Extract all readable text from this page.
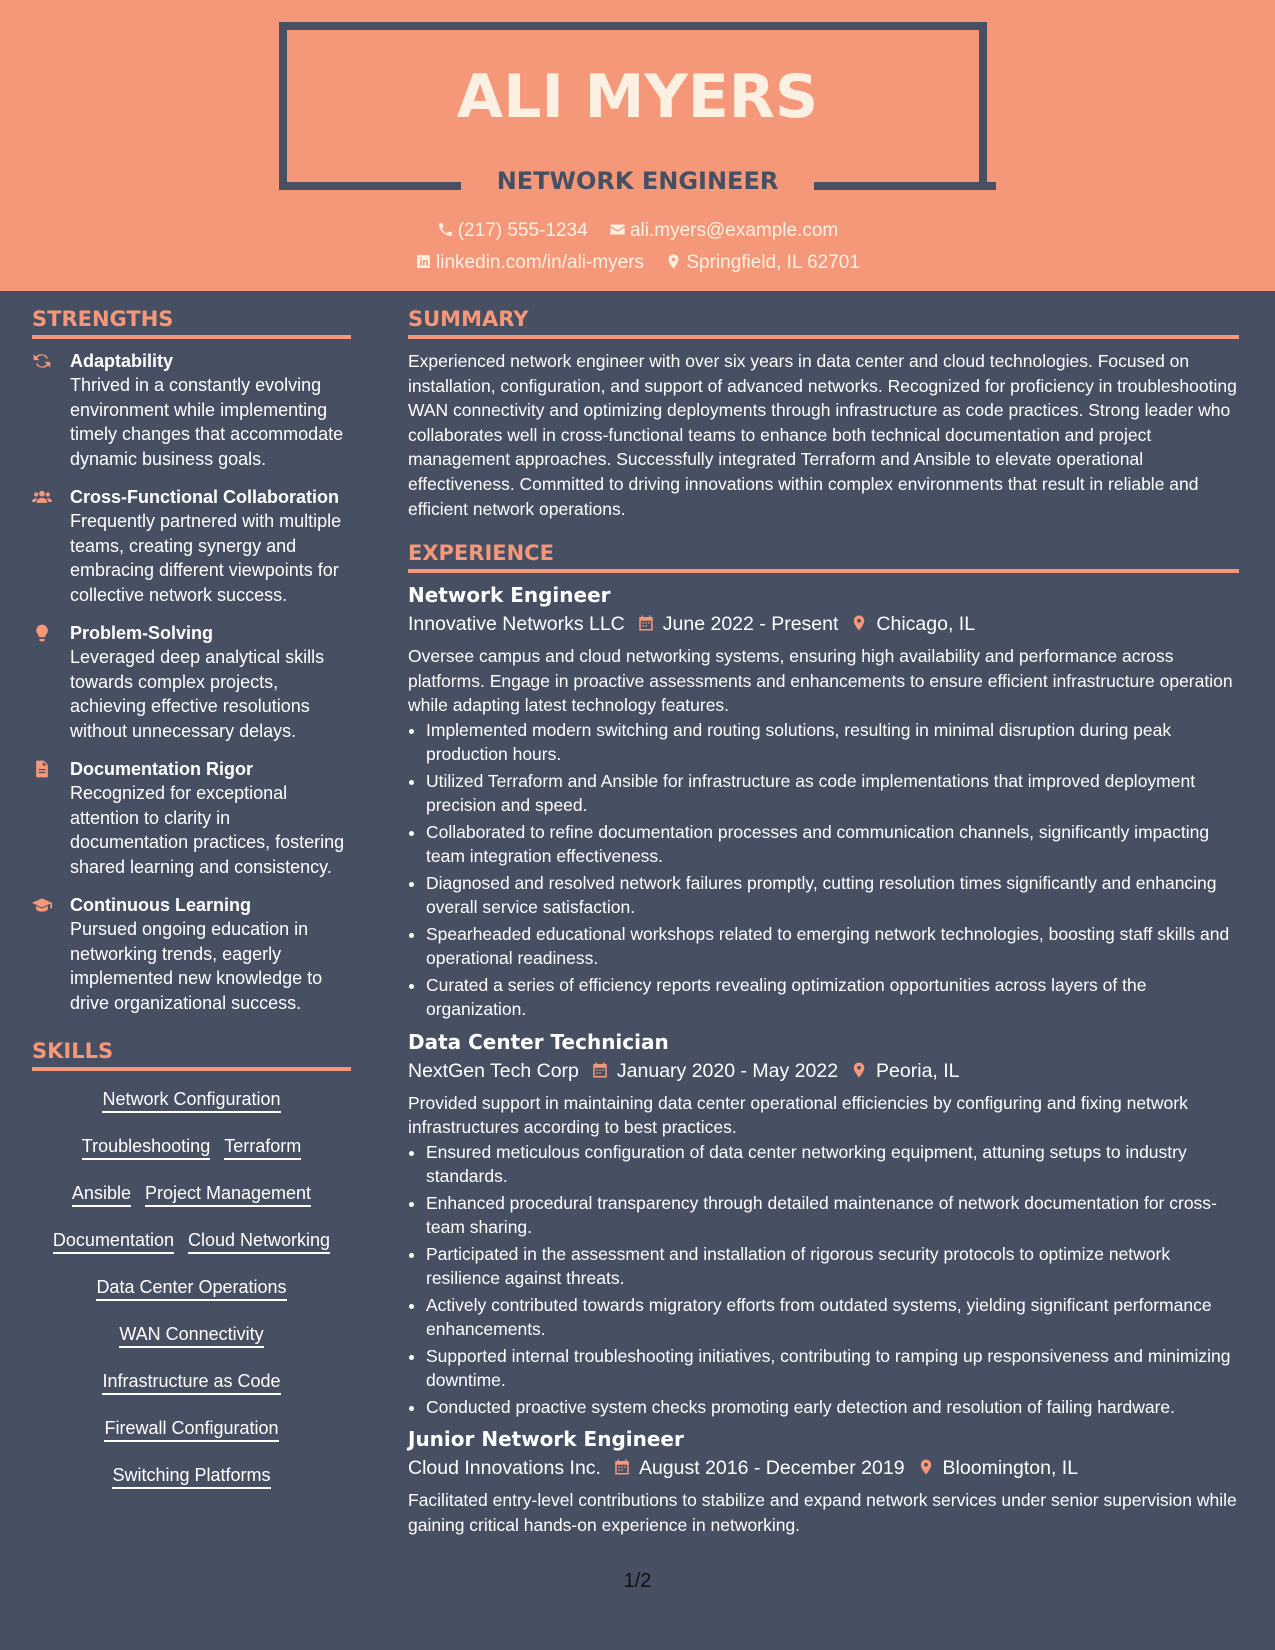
ALI MYERS
NETWORK ENGINEER
(217) 555-1234 ali.myers@example.com
linkedin.com/in/ali-myers Springfield, IL 62701
STRENGTHS
Adaptability
Thrived in a constantly evolving environment while implementing timely changes that accommodate dynamic business goals.
Cross-Functional Collaboration
Frequently partnered with multiple teams, creating synergy and embracing different viewpoints for collective network success.
Problem-Solving
Leveraged deep analytical skills towards complex projects, achieving effective resolutions without unnecessary delays.
Documentation Rigor
Recognized for exceptional attention to clarity in documentation practices, fostering shared learning and consistency.
Continuous Learning
Pursued ongoing education in networking trends, eagerly implemented new knowledge to drive organizational success.
SKILLS
Network Configuration
Troubleshooting Terraform
Ansible Project Management
Documentation Cloud Networking
Data Center Operations
WAN Connectivity
Infrastructure as Code
Firewall Configuration
Switching Platforms
SUMMARY
Experienced network engineer with over six years in data center and cloud technologies. Focused on installation, configuration, and support of advanced networks. Recognized for proficiency in troubleshooting WAN connectivity and optimizing deployments through infrastructure as code practices. Strong leader who collaborates well in cross-functional teams to enhance both technical documentation and project management approaches. Successfully integrated Terraform and Ansible to elevate operational effectiveness. Committed to driving innovations within complex environments that result in reliable and efficient network operations.
EXPERIENCE
Network Engineer
Innovative Networks LLC June 2022 - Present Chicago, IL
Oversee campus and cloud networking systems, ensuring high availability and performance across platforms. Engage in proactive assessments and enhancements to ensure efficient infrastructure operation while adapting latest technology features.
• Implemented modern switching and routing solutions, resulting in minimal disruption during peak production hours.
• Utilized Terraform and Ansible for infrastructure as code implementations that improved deployment precision and speed.
• Collaborated to refine documentation processes and communication channels, significantly impacting team integration effectiveness.
• Diagnosed and resolved network failures promptly, cutting resolution times significantly and enhancing overall service satisfaction.
• Spearheaded educational workshops related to emerging network technologies, boosting staff skills and operational readiness.
• Curated a series of efficiency reports revealing optimization opportunities across layers of the organization.
Data Center Technician
NextGen Tech Corp January 2020 - May 2022 Peoria, IL
Provided support in maintaining data center operational efficiencies by configuring and fixing network infrastructures according to best practices.
• Ensured meticulous configuration of data center networking equipment, attuning setups to industry standards.
• Enhanced procedural transparency through detailed maintenance of network documentation for cross-team sharing.
• Participated in the assessment and installation of rigorous security protocols to optimize network resilience against threats.
• Actively contributed towards migratory efforts from outdated systems, yielding significant performance enhancements.
• Supported internal troubleshooting initiatives, contributing to ramping up responsiveness and minimizing downtime.
• Conducted proactive system checks promoting early detection and resolution of failing hardware.
Junior Network Engineer
Cloud Innovations Inc. August 2016 - December 2019 Bloomington, IL
Facilitated entry-level contributions to stabilize and expand network services under senior supervision while gaining critical hands-on experience in networking.
1/2
